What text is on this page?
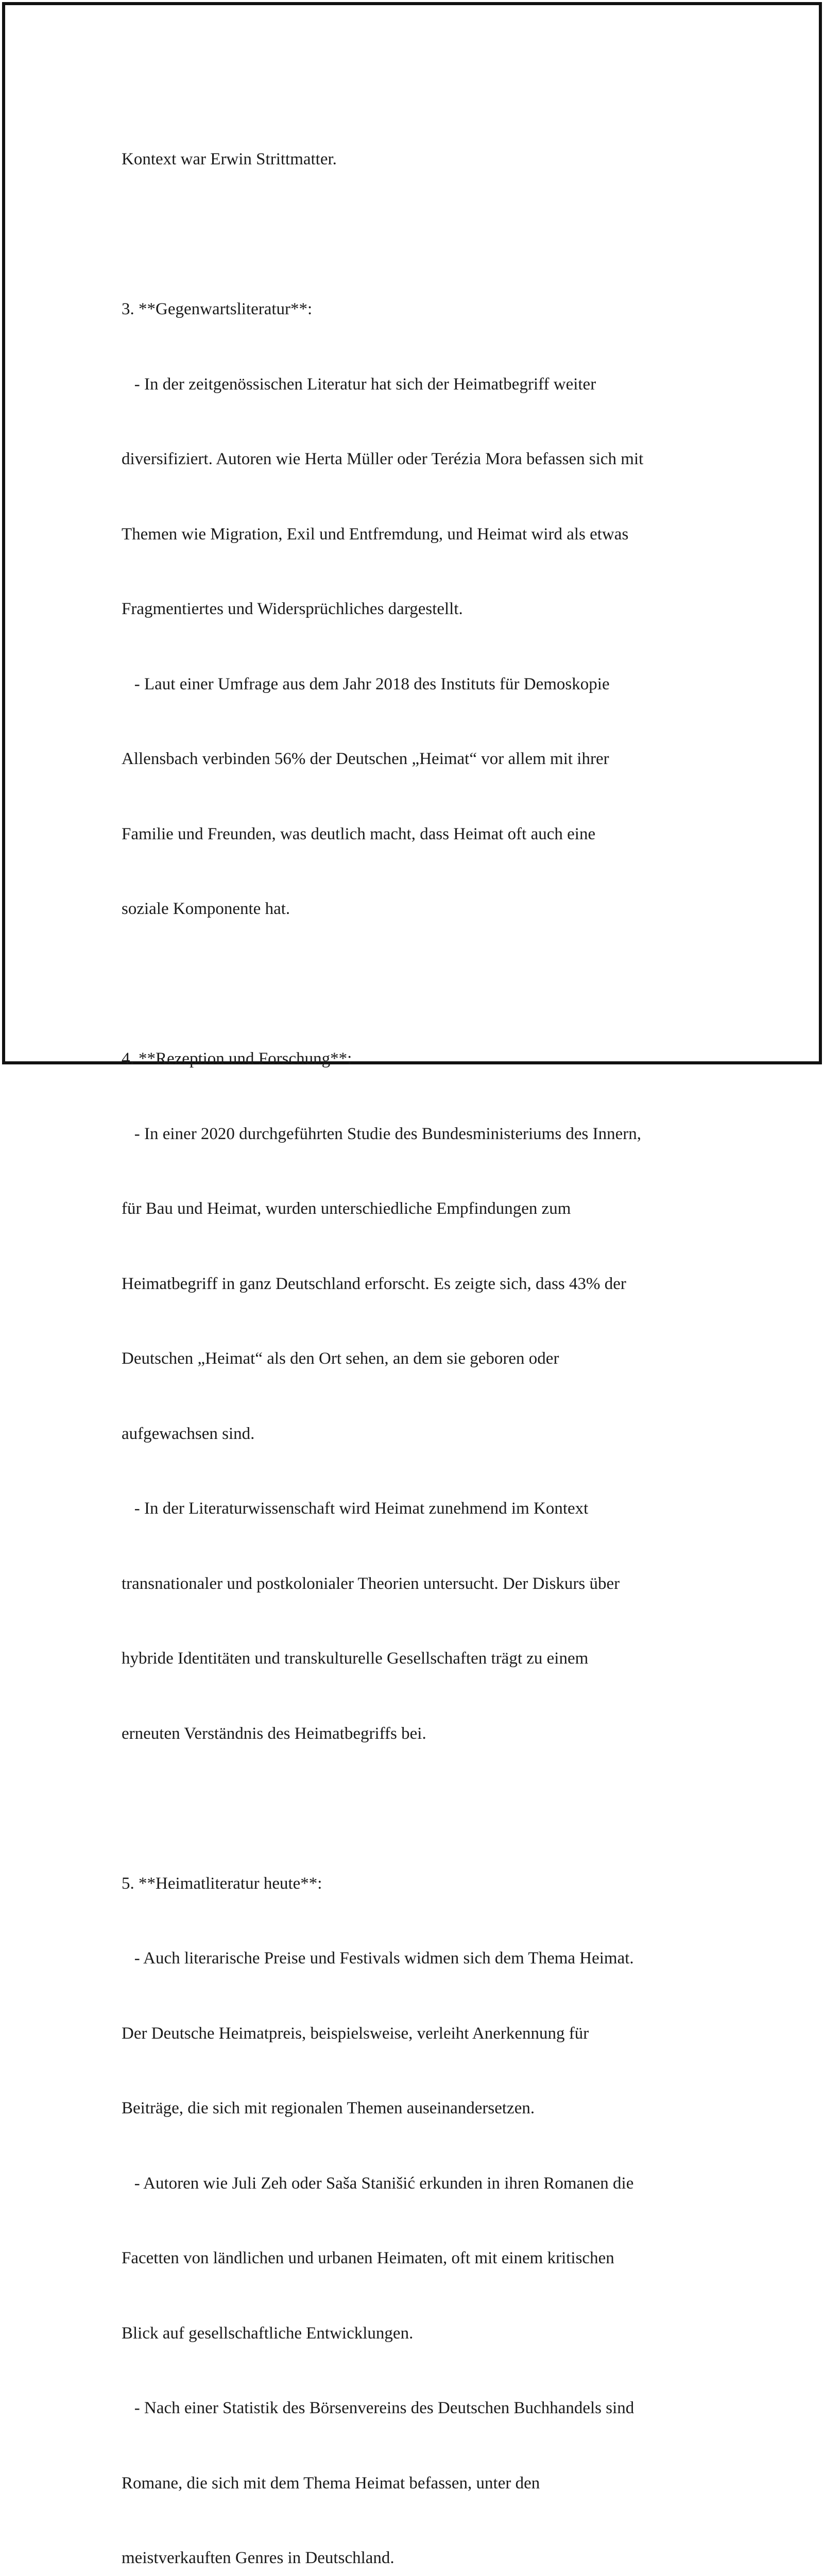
Kontext war Erwin Strittmatter.

3. **Gegenwartsliteratur**:

- In der zeitgenössischen Literatur hat sich der Heimatbegriff weiter

diversifiziert. Autoren wie Herta Müller oder Terézia Mora befassen sich mit

Themen wie Migration, Exil und Entfremdung, und Heimat wird als etwas

Fragmentiertes und Widersprüchliches dargestellt.

- Laut einer Umfrage aus dem Jahr 2018 des Instituts für Demoskopie

Allensbach verbinden 56% der Deutschen „Heimat“ vor allem mit ihrer

Familie und Freunden, was deutlich macht, dass Heimat oft auch eine

soziale Komponente hat.

4. **Rezeption und Forschung**:

- In einer 2020 durchgeführten Studie des Bundesministeriums des Innern,

für Bau und Heimat, wurden unterschiedliche Empfindungen zum

Heimatbegriff in ganz Deutschland erforscht. Es zeigte sich, dass 43% der

Deutschen „Heimat“ als den Ort sehen, an dem sie geboren oder

aufgewachsen sind.

- In der Literaturwissenschaft wird Heimat zunehmend im Kontext

transnationaler und postkolonialer Theorien untersucht. Der Diskurs über

hybride Identitäten und transkulturelle Gesellschaften trägt zu einem

erneuten Verständnis des Heimatbegriffs bei.

5. **Heimatliteratur heute**:

- Auch literarische Preise und Festivals widmen sich dem Thema Heimat.

Der Deutsche Heimatpreis, beispielsweise, verleiht Anerkennung für

Beiträge, die sich mit regionalen Themen auseinandersetzen.

- Autoren wie Juli Zeh oder Saša Stanišić erkunden in ihren Romanen die

Facetten von ländlichen und urbanen Heimaten, oft mit einem kritischen

Blick auf gesellschaftliche Entwicklungen.

- Nach einer Statistik des Börsenvereins des Deutschen Buchhandels sind

Romane, die sich mit dem Thema Heimat befassen, unter den

meistverkauften Genres in Deutschland.
